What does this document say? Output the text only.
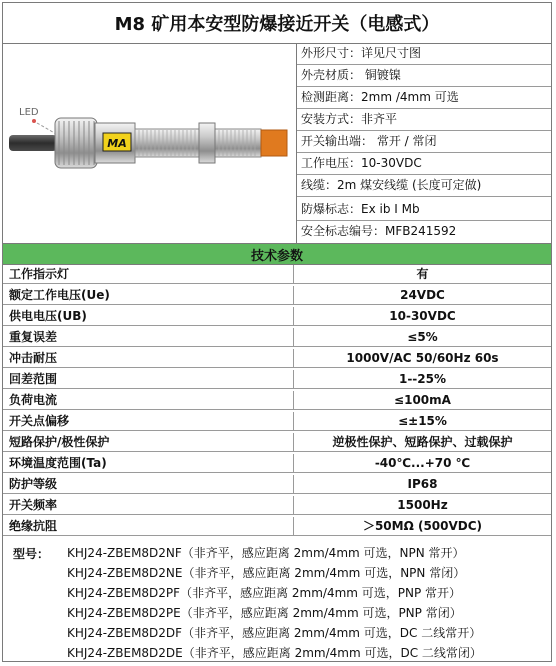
M8 矿用本安型防爆接近开关（电感式）
LED
MA
外形尺寸：详见尺寸图
外壳材质： 铜镀镍
检测距离：2mm /4mm 可选
安装方式：非齐平
开关输出端： 常开 / 常闭
工作电压：10-30VDC
线缆：2m 煤安线缆 (长度可定做)
防爆标志：Ex ib I Mb
安全标志编号：MFB241592
技术参数
工作指示灯	有
额定工作电压(Ue)	24VDC
供电电压(UB)	10-30VDC
重复误差	≤5%
冲击耐压	1000V/AC 50/60Hz 60s
回差范围	1--25%
负荷电流	≤100mA
开关点偏移	≤±15%
短路保护/极性保护	逆极性保护、短路保护、过载保护
环境温度范围(Ta)	-40℃...+70 ℃
防护等级	IP68
开关频率	1500Hz
绝缘抗阻	＞50MΩ (500VDC)
型号： KHJ24-ZBEM8D2NF（非齐平，感应距离 2mm/4mm 可选，NPN 常开）
KHJ24-ZBEM8D2NE（非齐平，感应距离 2mm/4mm 可选，NPN 常闭）
KHJ24-ZBEM8D2PF（非齐平，感应距离 2mm/4mm 可选，PNP 常开）
KHJ24-ZBEM8D2PE（非齐平，感应距离 2mm/4mm 可选，PNP 常闭）
KHJ24-ZBEM8D2DF（非齐平，感应距离 2mm/4mm 可选，DC 二线常开）
KHJ24-ZBEM8D2DE（非齐平，感应距离 2mm/4mm 可选，DC 二线常闭）
